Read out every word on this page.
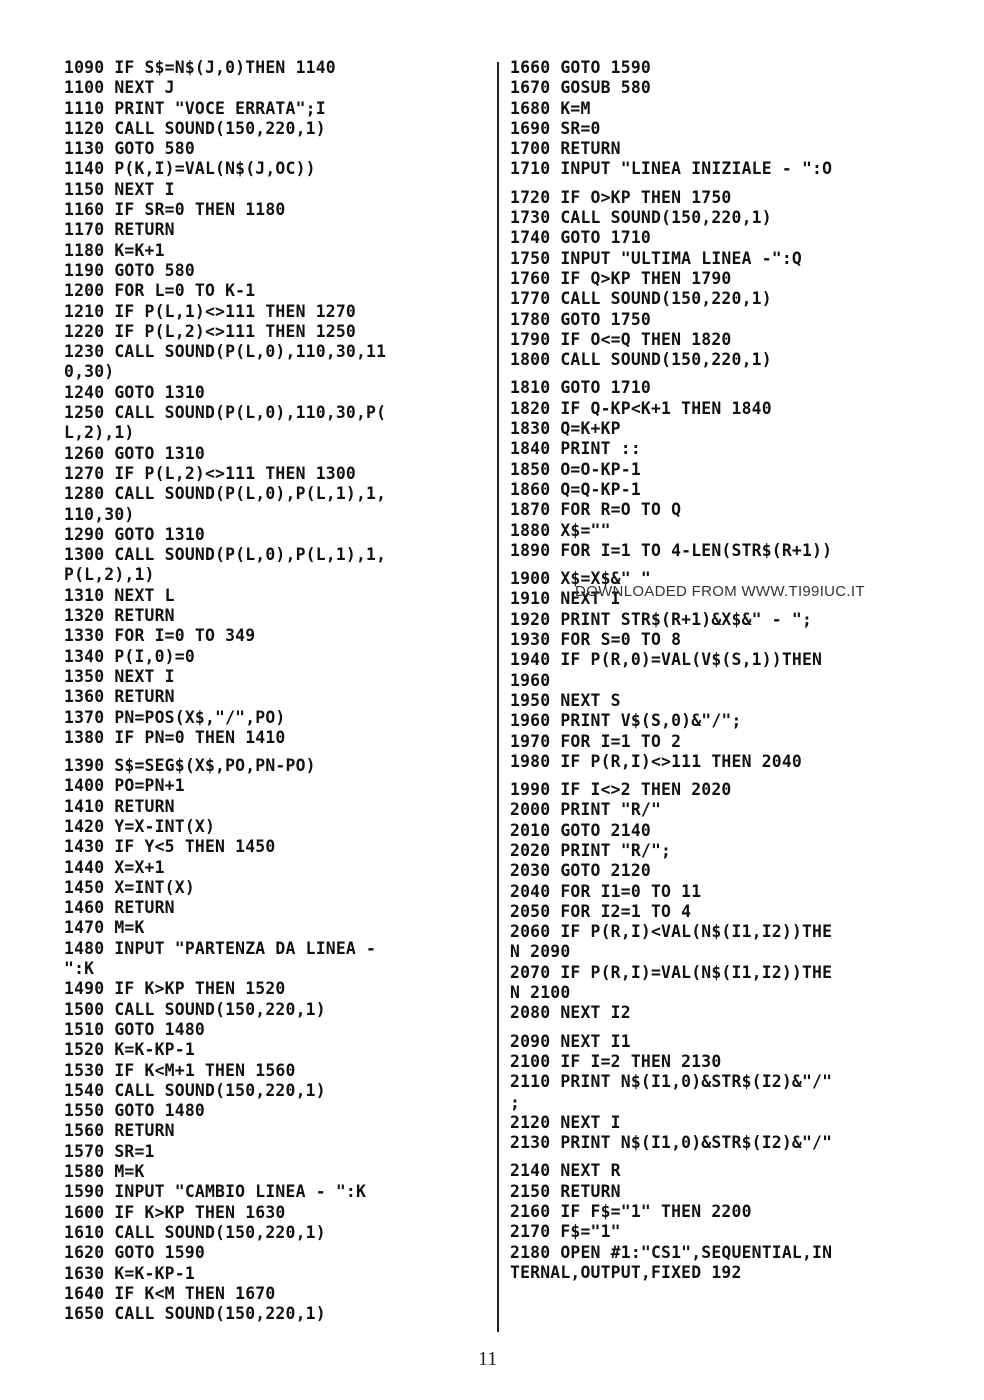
1090 IF S$=N$(J,0)THEN 1140
1100 NEXT J
1110 PRINT "VOCE ERRATA";I
1120 CALL SOUND(150,220,1)
1130 GOTO 580
1140 P(K,I)=VAL(N$(J,OC))
1150 NEXT I
1160 IF SR=0 THEN 1180
1170 RETURN
1180 K=K+1
1190 GOTO 580
1200 FOR L=0 TO K-1
1210 IF P(L,1)<>111 THEN 1270
1220 IF P(L,2)<>111 THEN 1250
1230 CALL SOUND(P(L,0),110,30,11
0,30)
1240 GOTO 1310
1250 CALL SOUND(P(L,0),110,30,P(
L,2),1)
1260 GOTO 1310
1270 IF P(L,2)<>111 THEN 1300
1280 CALL SOUND(P(L,0),P(L,1),1,
110,30)
1290 GOTO 1310
1300 CALL SOUND(P(L,0),P(L,1),1,
P(L,2),1)
1310 NEXT L
1320 RETURN
1330 FOR I=0 TO 349
1340 P(I,0)=0
1350 NEXT I
1360 RETURN
1370 PN=POS(X$,"/",PO)
1380 IF PN=0 THEN 1410
1390 S$=SEG$(X$,PO,PN-PO)
1400 PO=PN+1
1410 RETURN
1420 Y=X-INT(X)
1430 IF Y<5 THEN 1450
1440 X=X+1
1450 X=INT(X)
1460 RETURN
1470 M=K
1480 INPUT "PARTENZA DA LINEA -
":K
1490 IF K>KP THEN 1520
1500 CALL SOUND(150,220,1)
1510 GOTO 1480
1520 K=K-KP-1
1530 IF K<M+1 THEN 1560
1540 CALL SOUND(150,220,1)
1550 GOTO 1480
1560 RETURN
1570 SR=1
1580 M=K
1590 INPUT "CAMBIO LINEA - ":K
1600 IF K>KP THEN 1630
1610 CALL SOUND(150,220,1)
1620 GOTO 1590
1630 K=K-KP-1
1640 IF K<M THEN 1670
1650 CALL SOUND(150,220,1)
1660 GOTO 1590
1670 GOSUB 580
1680 K=M
1690 SR=0
1700 RETURN
1710 INPUT "LINEA INIZIALE - ":O
1720 IF O>KP THEN 1750
1730 CALL SOUND(150,220,1)
1740 GOTO 1710
1750 INPUT "ULTIMA LINEA -":Q
1760 IF Q>KP THEN 1790
1770 CALL SOUND(150,220,1)
1780 GOTO 1750
1790 IF O<=Q THEN 1820
1800 CALL SOUND(150,220,1)
1810 GOTO 1710
1820 IF Q-KP<K+1 THEN 1840
1830 Q=K+KP
1840 PRINT ::
1850 O=O-KP-1
1860 Q=Q-KP-1
1870 FOR R=O TO Q
1880 X$=""
1890 FOR I=1 TO 4-LEN(STR$(R+1))
1900 X$=X$&" "
1910 NEXT I
1920 PRINT STR$(R+1)&X$&" - ";
1930 FOR S=0 TO 8
1940 IF P(R,0)=VAL(V$(S,1))THEN
1960
1950 NEXT S
1960 PRINT V$(S,0)&"/";
1970 FOR I=1 TO 2
1980 IF P(R,I)<>111 THEN 2040
1990 IF I<>2 THEN 2020
2000 PRINT "R/"
2010 GOTO 2140
2020 PRINT "R/";
2030 GOTO 2120
2040 FOR I1=0 TO 11
2050 FOR I2=1 TO 4
2060 IF P(R,I)<VAL(N$(I1,I2))THE
N 2090
2070 IF P(R,I)=VAL(N$(I1,I2))THE
N 2100
2080 NEXT I2
2090 NEXT I1
2100 IF I=2 THEN 2130
2110 PRINT N$(I1,0)&STR$(I2)&"/"
;
2120 NEXT I
2130 PRINT N$(I1,0)&STR$(I2)&"/"
2140 NEXT R
2150 RETURN
2160 IF F$="1" THEN 2200
2170 F$="1"
2180 OPEN #1:"CS1",SEQUENTIAL,IN
TERNAL,OUTPUT,FIXED 192
DOWNLOADED FROM WWW.TI99IUC.IT
11
